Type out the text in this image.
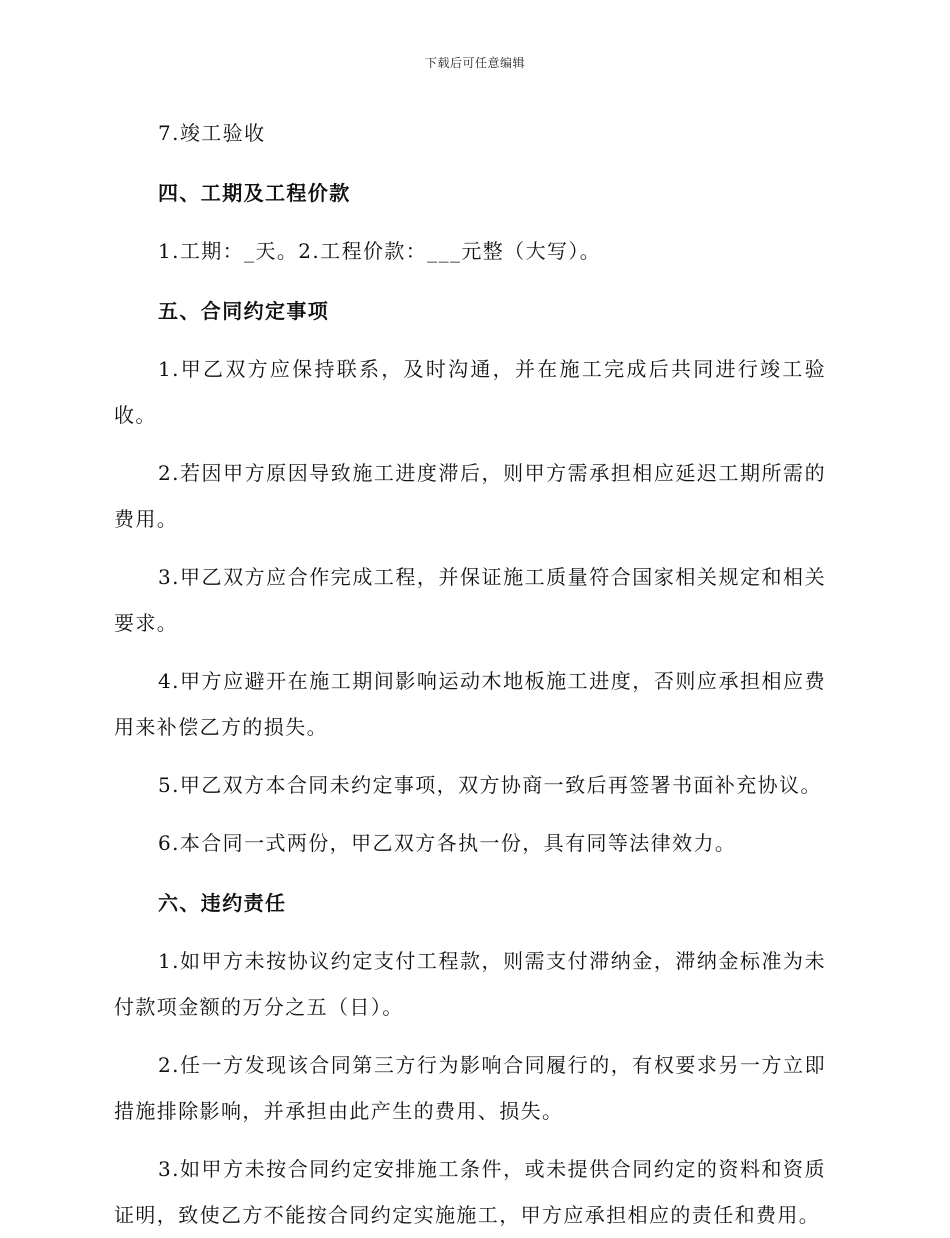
下载后可任意编辑

7.竣工验收

四、工期及工程价款

1.工期：_天。2.工程价款：___元整（大写）。

五、合同约定事项

1.甲乙双方应保持联系，及时沟通，并在施工完成后共同进行竣工验收。

2.若因甲方原因导致施工进度滞后，则甲方需承担相应延迟工期所需的费用。

3.甲乙双方应合作完成工程，并保证施工质量符合国家相关规定和相关要求。

4.甲方应避开在施工期间影响运动木地板施工进度，否则应承担相应费用来补偿乙方的损失。

5.甲乙双方本合同未约定事项，双方协商一致后再签署书面补充协议。

6.本合同一式两份，甲乙双方各执一份，具有同等法律效力。

六、违约责任

1.如甲方未按协议约定支付工程款，则需支付滞纳金，滞纳金标准为未付款项金额的万分之五（日）。

2.任一方发现该合同第三方行为影响合同履行的，有权要求另一方立即措施排除影响，并承担由此产生的费用、损失。

3.如甲方未按合同约定安排施工条件，或未提供合同约定的资料和资质证明，致使乙方不能按合同约定实施施工，甲方应承担相应的责任和费用。
